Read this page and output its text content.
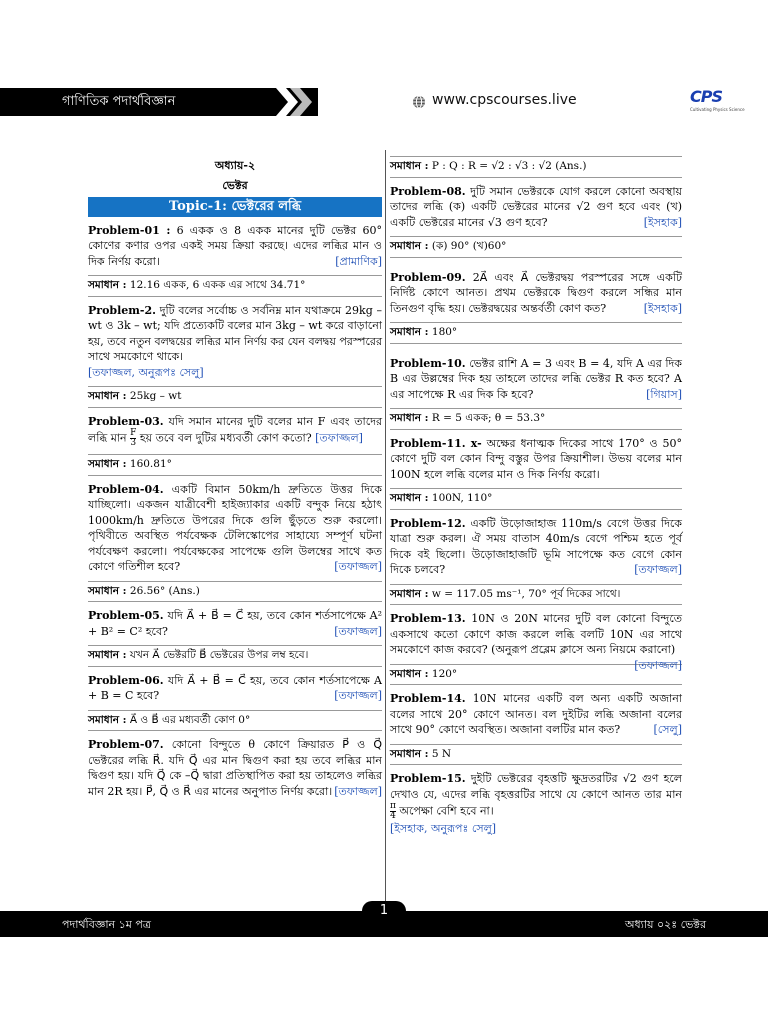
গাণিতিক পদার্থবিজ্ঞান	www.cpscourses.live	CPS
Cultivating Physics Science
অধ্যায়-২
ভেক্টর
Topic-1: ভেক্টরের লব্ধি

Problem-01 : 6 একক ও 8 একক মানের দুটি ভেক্টর 60° কোণের কণার ওপর একই সময় ক্রিয়া করছে। এদের লব্ধির মান ও দিক নির্ণয় করো।	[প্রামাণিক]

সমাধান : 12.16 একক, 6 একক এর সাথে 34.71°

Problem-2. দুটি বলের সর্বোচ্চ ও সর্বনিম্ন মান যথাক্রমে 29kg – wt ও 3k – wt; যদি প্রত্যেকটি বলের মান 3kg – wt করে বাড়ানো হয়, তবে নতুন বলদ্বয়ের লব্ধির মান নির্ণয় কর যেন বলদ্বয় পরস্পরের সাথে সমকোণে থাকে।
[তফাজ্জল, অনুরূপঃ সেলু]

সমাধান : 25kg – wt

Problem-03. যদি সমান মানের দুটি বলের মান F এবং তাদের লব্ধি মান $\frac{F}{3}$ হয় তবে বল দুটির মধ্যবর্তী কোণ কতো? [তফাজ্জল]

সমাধান : 160.81°

Problem-04. একটি বিমান 50km/h দ্রুতিতে উত্তর দিকে যাচ্ছিলো। একজন যাত্রীবেশী হাইজ্যাকার একটি বন্দুক নিয়ে হঠাৎ 1000km/h দ্রুতিতে উপরের দিকে গুলি ছুঁড়তে শুরু করলো। পৃথিবীতে অবস্থিত পর্যবেক্ষক টেলিস্কোপের সাহায্যে সম্পূর্ণ ঘটনা পর্যবেক্ষণ করলো। পর্যবেক্ষকের সাপেক্ষে গুলি উলম্বের সাথে কত কোণে গতিশীল হবে?	[তফাজ্জল]

সমাধান : 26.56° (Ans.)

Problem-05. যদি A⃗ + B⃗ = C⃗ হয়, তবে কোন শর্তসাপেক্ষে A² + B² = C² হবে?	[তফাজ্জল]

সমাধান : যখন A⃗ ভেক্টরটি B⃗ ভেক্টরের উপর লম্ব হবে।

Problem-06. যদি A⃗ + B⃗ = C⃗ হয়, তবে কোন শর্তসাপেক্ষে A + B = C হবে?	[তফাজ্জল]

সমাধান : A⃗ ও B⃗ এর মধ্যবর্তী কোণ 0°

Problem-07. কোনো বিন্দুতে θ কোণে ক্রিয়ারত P⃗ ও Q⃗ ভেক্টরের লব্ধি R⃗. যদি Q⃗ এর মান দ্বিগুণ করা হয় তবে লব্ধির মান দ্বিগুণ হয়। যদি Q⃗ কে –Q⃗ দ্বারা প্রতিস্থাপিত করা হয় তাহলেও লব্ধির মান 2R হয়। P⃗, Q⃗ ও R⃗ এর মানের অনুপাত নির্ণয় করো। [তফাজ্জল]

সমাধান : P : Q : R = √2 : √3 : √2 (Ans.)

Problem-08. দুটি সমান ভেক্টরকে যোগ করলে কোনো অবস্থায় তাদের লব্ধি (ক) একটি ভেক্টরের মানের √2 গুণ হবে এবং (খ) একটি ভেক্টরের মানের √3 গুণ হবে?	[ইসহাক]

সমাধান : (ক) 90° (খ)60°

Problem-09. 2A⃗ এবং A⃗ ভেক্টরদ্বয় পরস্পরের সঙ্গে একটি নির্দিষ্ট কোণে আনত। প্রথম ভেক্টরকে দ্বিগুণ করলে সন্ধির মান তিনগুণ বৃদ্ধি হয়। ভেক্টরদ্বয়ের অন্তর্বর্তী কোণ কত?	[ইসহাক]

সমাধান : 180°

Problem-10. ভেক্টর রাশি A = 3 এবং B = 4, যদি A এর দিক B এর উল্লম্বের দিক হয় তাহলে তাদের লব্ধি ভেক্টর R কত হবে? A এর সাপেক্ষে R এর দিক কি হবে?	[গিয়াস]

সমাধান : R = 5 একক; θ = 53.3°

Problem-11. x- অক্ষের ধনাত্মক দিকের সাথে 170° ও 50° কোণে দুটি বল কোন বিন্দু বস্তুর উপর ক্রিয়াশীল। উভয় বলের মান 100N হলে লব্ধি বলের মান ও দিক নির্ণয় করো।

সমাধান : 100N, 110°

Problem-12. একটি উড়োজাহাজ 110m/s বেগে উত্তর দিকে যাত্রা শুরু করল। ঐ সময় বাতাস 40m/s বেগে পশ্চিম হতে পূর্ব দিকে বই ছিলো। উড়োজাহাজটি ভূমি সাপেক্ষে কত বেগে কোন দিকে চলবে?	[তফাজ্জল]

সমাধান : w = 117.05 ms⁻¹, 70° পূর্ব দিকের সাথে।

Problem-13. 10N ও 20N মানের দুটি বল কোনো বিন্দুতে একসাথে কতো কোণে কাজ করলে লব্ধি বলটি 10N এর সাথে সমকোণে কাজ করবে? (অনুরূপ প্রব্লেম ক্লাসে অন্য নিয়মে করানো)
[তফাজ্জল]

সমাধান : 120°

Problem-14. 10N মানের একটি বল অন্য একটি অজানা বলের সাথে 20° কোণে আনত। বল দুইটির লব্ধি অজানা বলের সাথে 90° কোণে অবস্থিত। অজানা বলটির মান কত?	[সেলু]

সমাধান : 5 N

Problem-15. দুইটি ভেক্টরের বৃহত্তটি ক্ষুদ্রতরটির √2 গুণ হলে দেখাও যে, এদের লব্ধি বৃহত্তরটির সাথে যে কোণে আনত তার মান
$\frac{\pi}{4}$ অপেক্ষা বেশি হবে না।
[ইসহাক, অনুরূপঃ সেলু]

পদার্থবিজ্ঞান ১ম পত্র	অধ্যায় ০২ঃ ভেক্টর
1
